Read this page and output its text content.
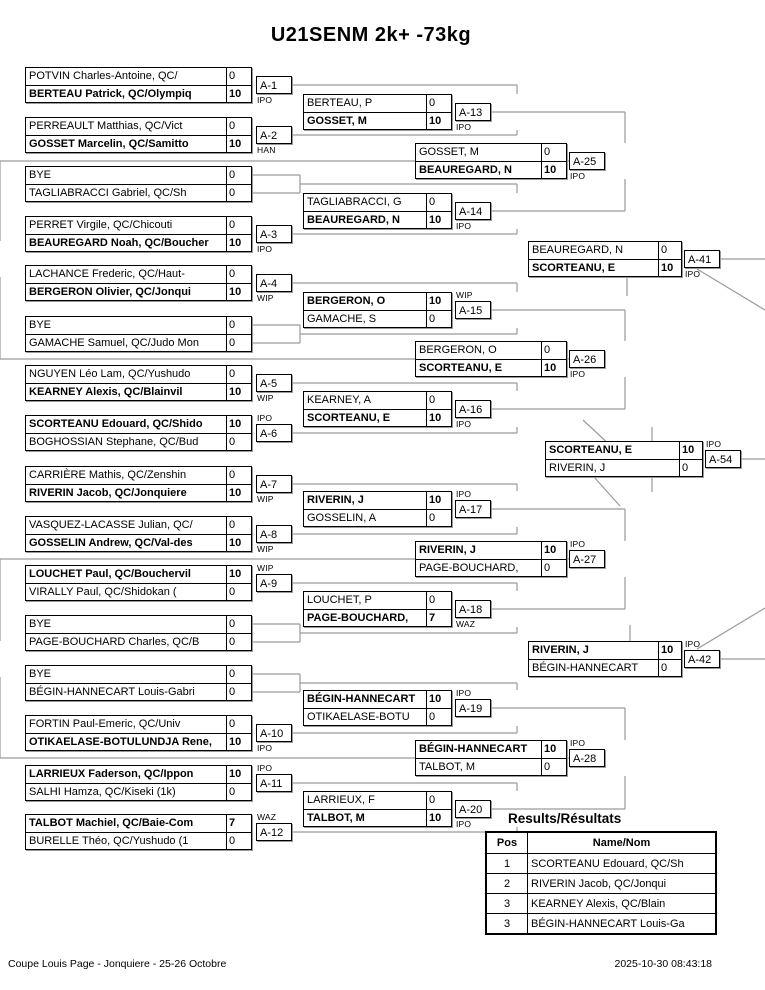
U21SENM 2k+ -73kg
POTVIN Charles-Antoine, QC/	0
BERTEAU Patrick, QC/Olympiq	10
A-1
IPO
PERREAULT Matthias, QC/Vict	0
GOSSET Marcelin, QC/Samitto	10
A-2
HAN
BYE	0
TAGLIABRACCI Gabriel, QC/Sh	0
PERRET Virgile, QC/Chicouti	0
BEAUREGARD Noah, QC/Boucher	10
A-3
IPO
LACHANCE Frederic, QC/Haut-	0
BERGERON Olivier, QC/Jonqui	10
A-4
WIP
BYE	0
GAMACHE Samuel, QC/Judo Mon	0
NGUYEN Léo Lam, QC/Yushudo	0
KEARNEY Alexis, QC/Blainvil	10
A-5
WIP
SCORTEANU Edouard, QC/Shido	10
BOGHOSSIAN Stephane, QC/Bud	0
A-6
IPO
CARRIÈRE Mathis, QC/Zenshin	0
RIVERIN Jacob, QC/Jonquiere	10
A-7
WIP
VASQUEZ-LACASSE Julian, QC/	0
GOSSELIN Andrew, QC/Val-des	10
A-8
WIP
LOUCHET Paul, QC/Bouchervil	10
VIRALLY Paul, QC/Shidokan (	0
A-9
WIP
BYE	0
PAGE-BOUCHARD Charles, QC/B	0
BYE	0
BÉGIN-HANNECART Louis-Gabri	0
FORTIN Paul-Emeric, QC/Univ	0
OTIKAELASE-BOTULUNDJA Rene,	10
A-10
IPO
LARRIEUX Faderson, QC/Ippon	10
SALHI Hamza, QC/Kiseki (1k)	0
A-11
IPO
TALBOT Machiel, QC/Baie-Com	7
BURELLE Théo, QC/Yushudo (1	0
A-12
WAZ
BERTEAU, P	0
GOSSET, M	10
A-13
IPO
TAGLIABRACCI, G	0
BEAUREGARD, N	10
A-14
IPO
BERGERON, O	10
GAMACHE, S	0
A-15
WIP
KEARNEY, A	0
SCORTEANU, E	10
A-16
IPO
RIVERIN, J	10
GOSSELIN, A	0
A-17
IPO
LOUCHET, P	0
PAGE-BOUCHARD,	7
A-18
WAZ
BÉGIN-HANNECART	10
OTIKAELASE-BOTU	0
A-19
IPO
LARRIEUX, F	0
TALBOT, M	10
A-20
IPO
GOSSET, M	0
BEAUREGARD, N	10
A-25
IPO
BERGERON, O	0
SCORTEANU, E	10
A-26
IPO
RIVERIN, J	10
PAGE-BOUCHARD,	0
A-27
IPO
BÉGIN-HANNECART	10
TALBOT, M	0
A-28
IPO
BEAUREGARD, N	0
SCORTEANU, E	10
A-41
IPO
RIVERIN, J	10
BÉGIN-HANNECART	0
A-42
IPO
SCORTEANU, E	10
RIVERIN, J	0
A-54
IPO
Results/Résultats
Pos	Name/Nom
1	SCORTEANU Edouard, QC/Sh
2	RIVERIN Jacob, QC/Jonqui
3	KEARNEY Alexis, QC/Blain
3	BÉGIN-HANNECART Louis-Ga
Coupe Louis Page - Jonquiere - 25-26 Octobre	2025-10-30 08:43:18
